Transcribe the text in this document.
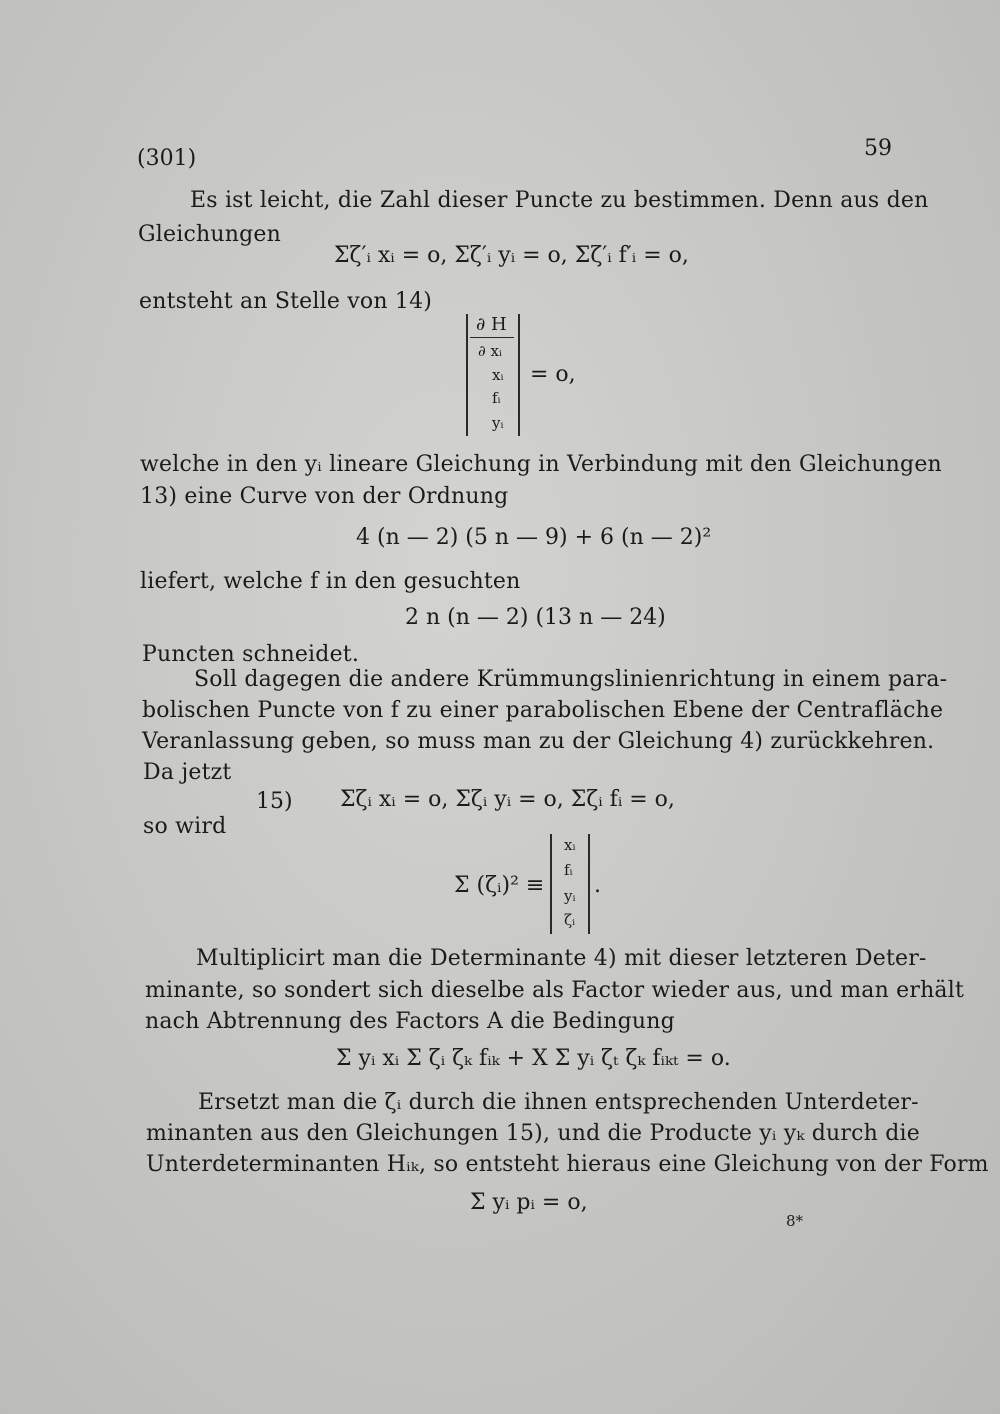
(301)	59
Es ist leicht, die Zahl dieser Puncte zu bestimmen. Denn aus den
Gleichungen
Σζ′ᵢ xᵢ = o, Σζ′ᵢ yᵢ = o, Σζ′ᵢ f′ᵢ = o,
entsteht an Stelle von 14)
∂ H
∂ xᵢ
xᵢ
fᵢ
yᵢ
= o,
welche in den yᵢ lineare Gleichung in Verbindung mit den Gleichungen
13) eine Curve von der Ordnung
4 (n — 2) (5 n — 9) + 6 (n — 2)²
liefert, welche f in den gesuchten
2 n (n — 2) (13 n — 24)
Puncten schneidet.
Soll dagegen die andere Krümmungslinienrichtung in einem para-
bolischen Puncte von f zu einer parabolischen Ebene der Centrafläche
Veranlassung geben, so muss man zu der Gleichung 4) zurückkehren.
Da jetzt
15) Σζᵢ xᵢ = o, Σζᵢ yᵢ = o, Σζᵢ fᵢ = o,
so wird
Σ (ζᵢ)² ≡
xᵢ
fᵢ
yᵢ
ζᵢ
.
Multiplicirt man die Determinante 4) mit dieser letzteren Deter-
minante, so sondert sich dieselbe als Factor wieder aus, und man erhält
nach Abtrennung des Factors A die Bedingung
Σ yᵢ xᵢ Σ ζᵢ ζₖ fᵢₖ + X Σ yᵢ ζₜ ζₖ fᵢₖₜ = o.
Ersetzt man die ζᵢ durch die ihnen entsprechenden Unterdeter-
minanten aus den Gleichungen 15), und die Producte yᵢ yₖ durch die
Unterdeterminanten Hᵢₖ, so entsteht hieraus eine Gleichung von der Form
Σ yᵢ pᵢ = o,
8*
